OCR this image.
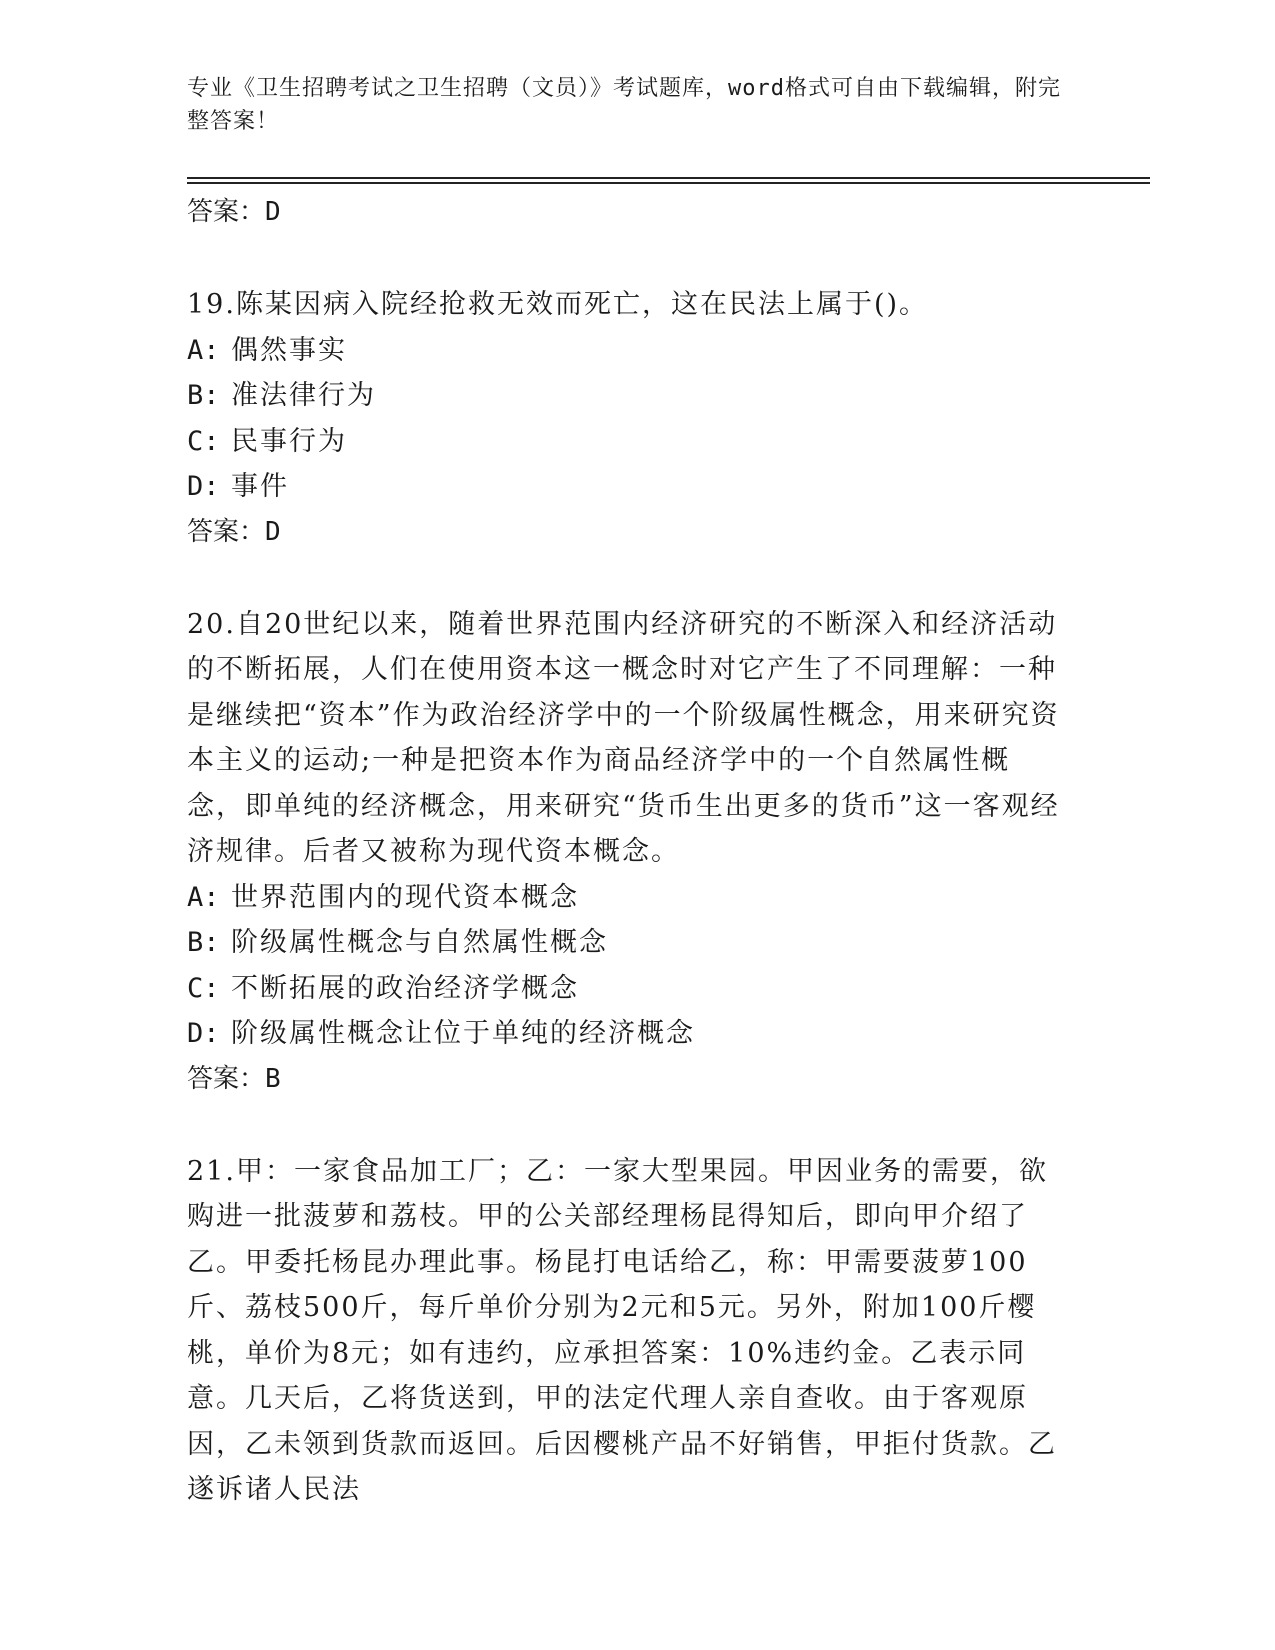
专业《卫生招聘考试之卫生招聘（文员）》考试题库，word格式可自由下载编辑，附完整答案！
答案：D
19.陈某因病入院经抢救无效而死亡，这在民法上属于()。
A: 偶然事实
B: 准法律行为
C: 民事行为
D: 事件
答案：D
20.自20世纪以来，随着世界范围内经济研究的不断深入和经济活动的不断拓展，人们在使用资本这一概念时对它产生了不同理解：一种是继续把“资本”作为政治经济学中的一个阶级属性概念，用来研究资本主义的运动;一种是把资本作为商品经济学中的一个自然属性概念，即单纯的经济概念，用来研究“货币生出更多的货币”这一客观经济规律。后者又被称为现代资本概念。
A: 世界范围内的现代资本概念
B: 阶级属性概念与自然属性概念
C: 不断拓展的政治经济学概念
D: 阶级属性概念让位于单纯的经济概念
答案：B
21.甲：一家食品加工厂；乙：一家大型果园。甲因业务的需要，欲购进一批菠萝和荔枝。甲的公关部经理杨昆得知后，即向甲介绍了乙。甲委托杨昆办理此事。杨昆打电话给乙，称：甲需要菠萝100斤、荔枝500斤，每斤单价分别为2元和5元。另外，附加100斤樱桃，单价为8元；如有违约，应承担答案：10%违约金。乙表示同意。几天后，乙将货送到，甲的法定代理人亲自查收。由于客观原因，乙未领到货款而返回。后因樱桃产品不好销售，甲拒付货款。乙遂诉诸人民法
